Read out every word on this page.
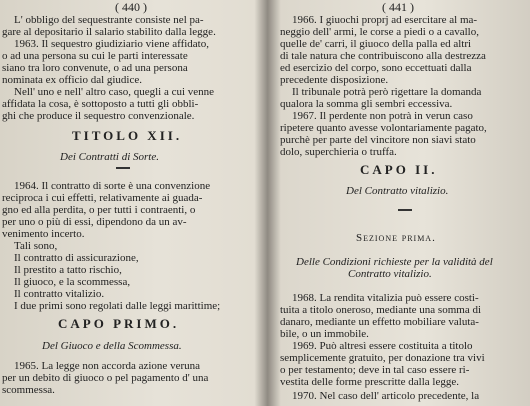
( 440 )
L' obbligo del sequestrante consiste nel pa-
gare al depositario il salario stabilito dalla legge.
1963. Il sequestro giudiziario viene affidato,
o ad una persona su cui le parti interessate
siano tra loro convenute, o ad una persona
nominata ex officio dal giudice.
Nell' uno e nell' altro caso, quegli a cui venne
affidata la cosa, è sottoposto a tutti gli obbli-
ghi che produce il sequestro convenzionale.
TITOLO XII.
Dei Contratti di Sorte.
1964. Il contratto di sorte è una convenzione
reciproca i cui effetti, relativamente ai guada-
gno ed alla perdita, o per tutti i contraenti, o
per uno o più di essi, dipendono da un av-
venimento incerto.
Tali sono,
Il contratto di assicurazione,
Il prestito a tatto rischio,
Il giuoco, e la scommessa,
Il contratto vitalizio.
I due primi sono regolati dalle leggi marittime;
CAPO PRIMO.
Del Giuoco e della Scommessa.
1965. La legge non accorda azione veruna
per un debito di giuoco o pel pagamento d' una
scommessa.
( 441 )
1966. I giuochi proprj ad esercitare al ma-
neggio dell' armi, le corse a piedi o a cavallo,
quelle de' carri, il giuoco della palla ed altri
di tale natura che contribuiscono alla destrezza
ed esercizio del corpo, sono eccettuati dalla
precedente disposizione.
Il tribunale potrà però rigettare la domanda
qualora la somma gli sembri eccessiva.
1967. Il perdente non potrà in verun caso
ripetere quanto avesse volontariamente pagato,
purchè per parte del vincitore non siavi stato
dolo, superchieria o truffa.
CAPO II.
Del Contratto vitalizio.
Sezione prima.
Delle Condizioni richieste per la validità del
Contratto vitalizio.
1968. La rendita vitalizia può essere costi-
tuita a titolo oneroso, mediante una somma di
danaro, mediante un effetto mobiliare valuta-
bile, o un immobile.
1969. Può altresì essere costituita a titolo
semplicemente gratuito, per donazione tra vivi
o per testamento; deve in tal caso essere ri-
vestita delle forme prescritte dalla legge.
1970. Nel caso dell' articolo precedente, la
